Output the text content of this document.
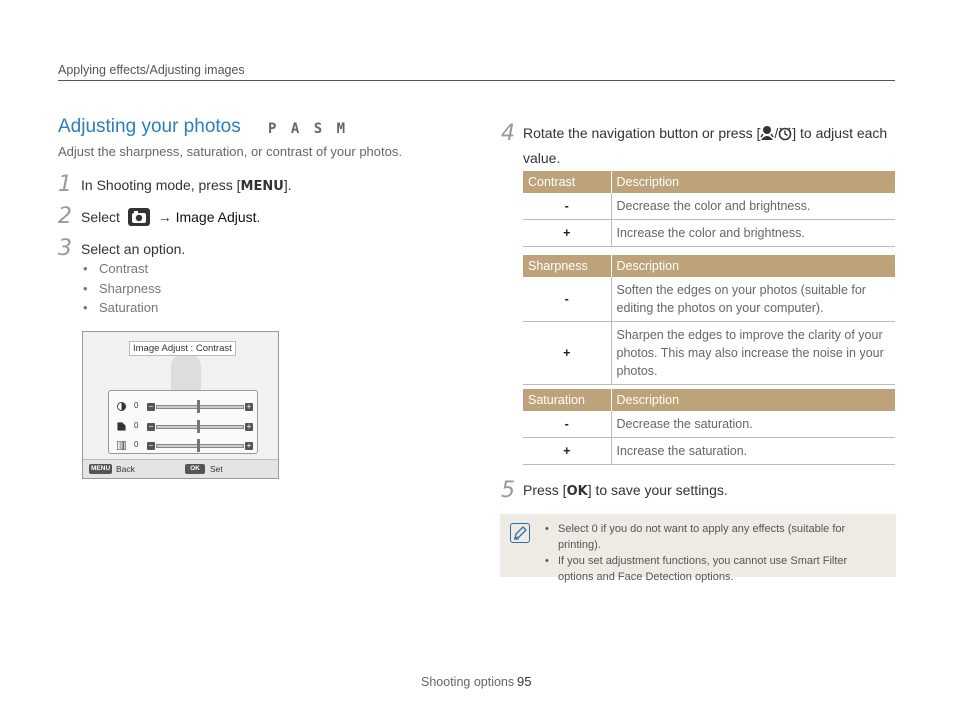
Applying effects/Adjusting images
Adjusting your photos P A S M
Adjust the sharpness, saturation, or contrast of your photos.
1 In Shooting mode, press [MENU].
2 Select	→ Image Adjust.
3 Select an option.
• Contrast
• Sharpness
• Saturation
Image Adjust : Contrast
0 −	+
0 −	+
0 −	+
MENU Back	OK	Set
4 Rotate the navigation button or press [ / ] to adjust each value.
Contrast	Description
-	Decrease the color and brightness.
+	Increase the color and brightness.
Sharpness	Description
-	Soften the edges on your photos (suitable for editing the photos on your computer).
+	Sharpen the edges to improve the clarity of your photos. This may also increase the noise in your photos.
Saturation	Description
-	Decrease the saturation.
+	Increase the saturation.
5 Press [OK] to save your settings.
• Select 0 if you do not want to apply any effects (suitable for printing).
• If you set adjustment functions, you cannot use Smart Filter options and Face Detection options.
Shooting options 95
